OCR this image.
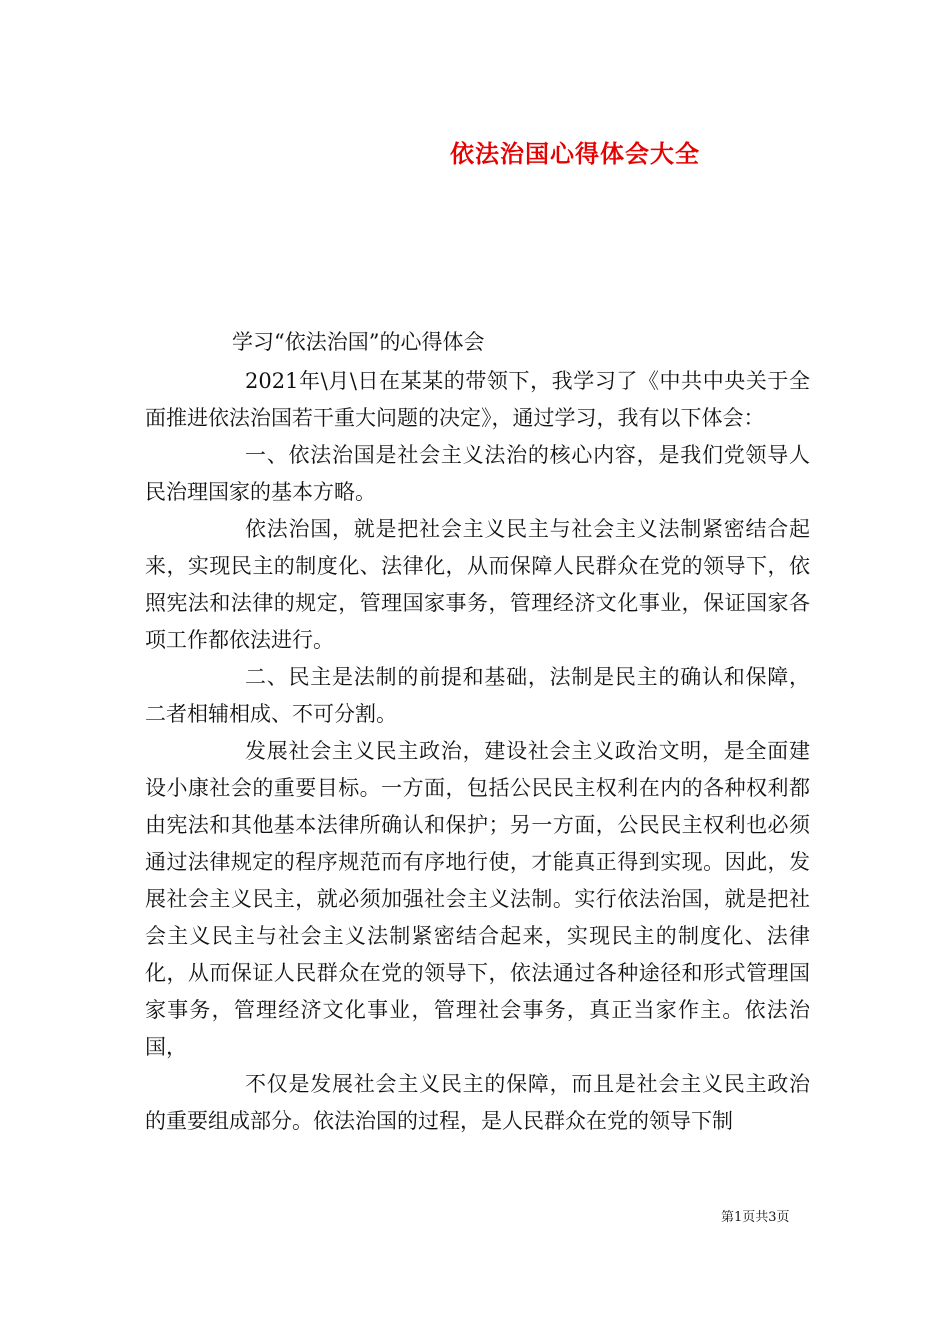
依法治国心得体会大全
学习“依法治国”的心得体会

2021年\月\日在某某的带领下，我学习了《中共中央关于全面推进依法治国若干重大问题的决定》，通过学习，我有以下体会：

一、依法治国是社会主义法治的核心内容，是我们党领导人民治理国家的基本方略。

依法治国，就是把社会主义民主与社会主义法制紧密结合起来，实现民主的制度化、法律化，从而保障人民群众在党的领导下，依照宪法和法律的规定，管理国家事务，管理经济文化事业，保证国家各项工作都依法进行。

二、民主是法制的前提和基础，法制是民主的确认和保障，二者相辅相成、不可分割。

发展社会主义民主政治，建设社会主义政治文明，是全面建设小康社会的重要目标。一方面，包括公民民主权利在内的各种权利都由宪法和其他基本法律所确认和保护；另一方面，公民民主权利也必须通过法律规定的程序规范而有序地行使，才能真正得到实现。因此，发展社会主义民主，就必须加强社会主义法制。实行依法治国，就是把社会主义民主与社会主义法制紧密结合起来，实现民主的制度化、法律化，从而保证人民群众在党的领导下，依法通过各种途径和形式管理国家事务，管理经济文化事业，管理社会事务，真正当家作主。依法治国，

不仅是发展社会主义民主的保障，而且是社会主义民主政治的重要组成部分。依法治国的过程，是人民群众在党的领导下制

第1页共3页
